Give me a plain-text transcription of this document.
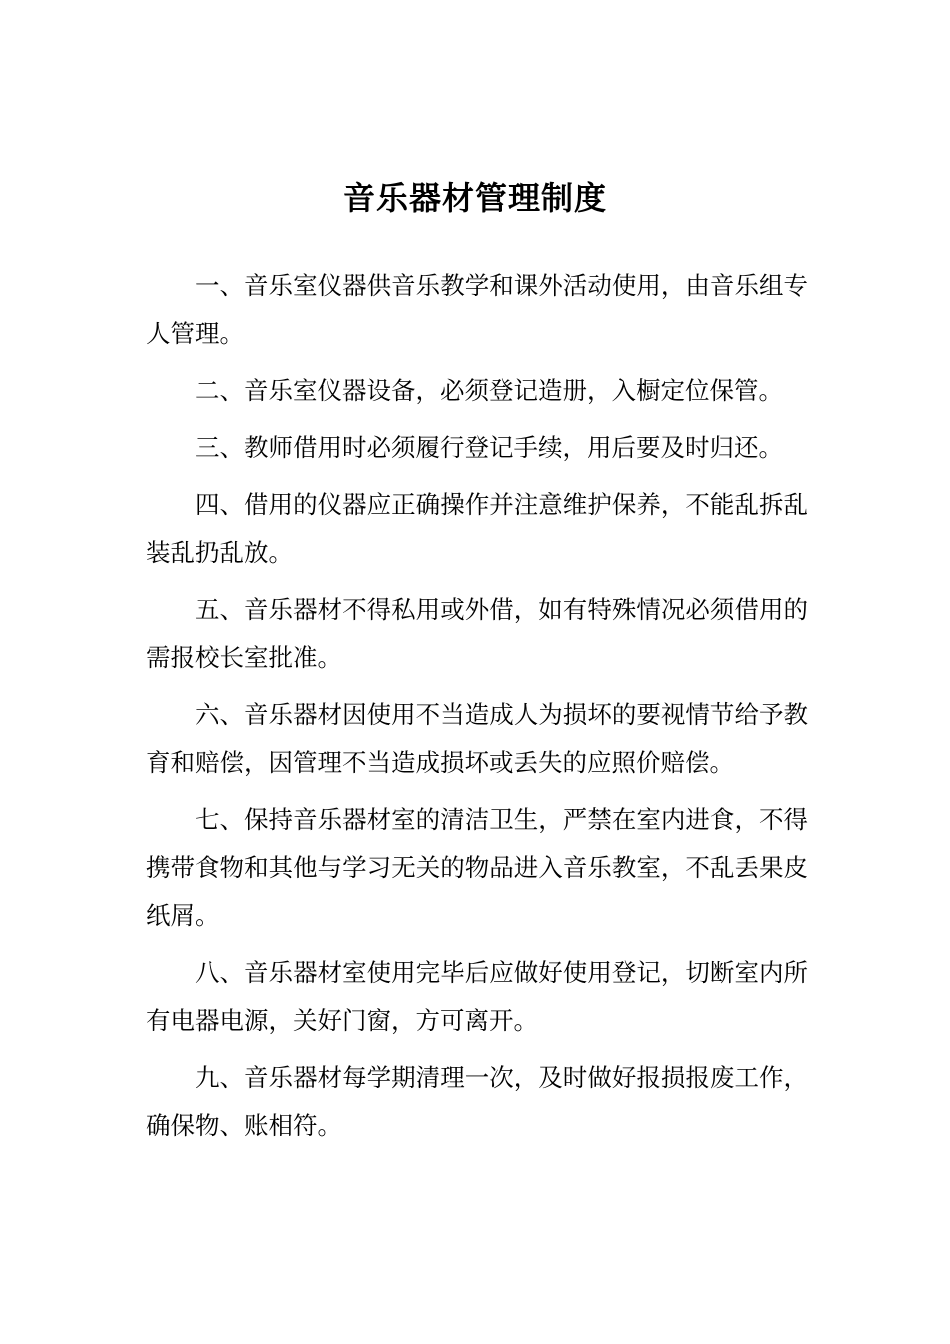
音乐器材管理制度

一、音乐室仪器供音乐教学和课外活动使用，由音乐组专人管理。

二、音乐室仪器设备，必须登记造册，入橱定位保管。

三、教师借用时必须履行登记手续，用后要及时归还。

四、借用的仪器应正确操作并注意维护保养，不能乱拆乱装乱扔乱放。

五、音乐器材不得私用或外借，如有特殊情况必须借用的需报校长室批准。

六、音乐器材因使用不当造成人为损坏的要视情节给予教育和赔偿，因管理不当造成损坏或丢失的应照价赔偿。

七、保持音乐器材室的清洁卫生，严禁在室内进食，不得携带食物和其他与学习无关的物品进入音乐教室，不乱丢果皮纸屑。

八、音乐器材室使用完毕后应做好使用登记，切断室内所有电器电源，关好门窗，方可离开。

九、音乐器材每学期清理一次，及时做好报损报废工作，确保物、账相符。
